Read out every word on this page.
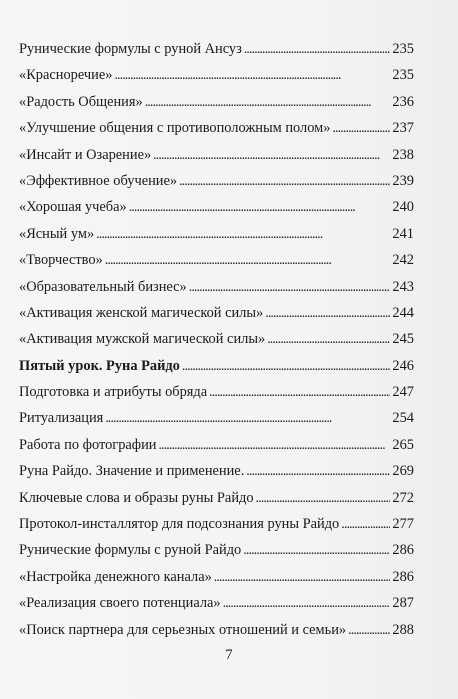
Рунические формулы с руной Ансуз . . .	235
«Красноречие» . . .	235
«Радость Общения» . . .	236
«Улучшение общения с противоположным полом» . . .	237
«Инсайт и Озарение» . . .	238
«Эффективное обучение» . . .	239
«Хорошая учеба» . . .	240
«Ясный ум» . . .	241
«Творчество» . . .	242
«Образовательный бизнес» . . .	243
«Активация женской магической силы» . . .	244
«Активация мужской магической силы» . . .	245
Пятый урок. Руна Райдо . . .	246
Подготовка и атрибуты обряда . . .	247
Ритуализация . . .	254
Работа по фотографии . . .	265
Руна Райдо. Значение и применение. . . .	269
Ключевые слова и образы руны Райдо . . .	272
Протокол-инсталлятор для подсознания руны Райдо . . .	277
Рунические формулы с руной Райдо . . .	286
«Настройка денежного канала» . . .	286
«Реализация своего потенциала» . . .	287
«Поиск партнера для серьезных отношений и семьи» . . .	288
7
